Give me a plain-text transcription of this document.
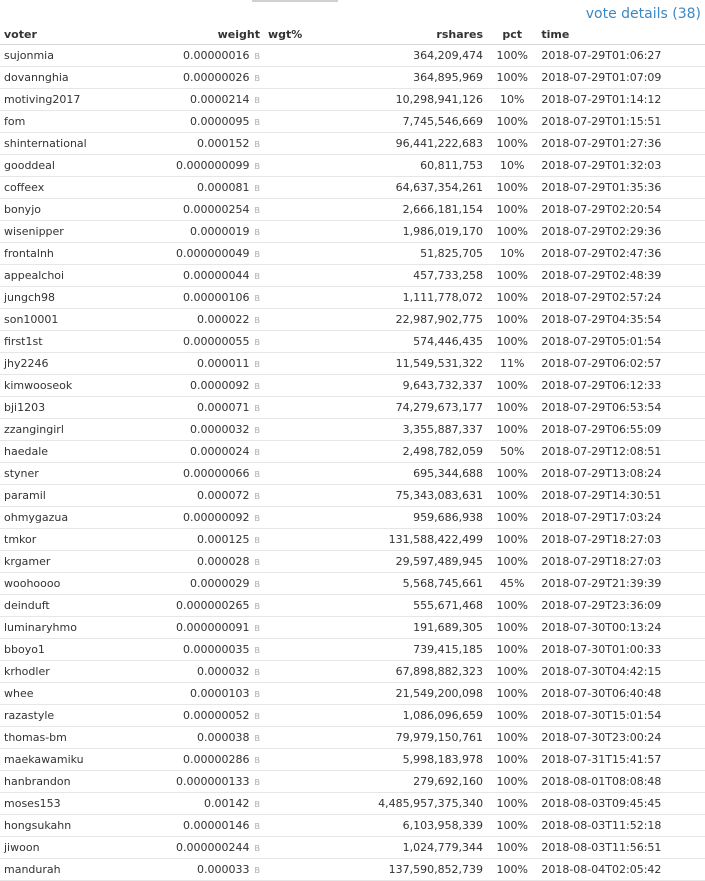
vote details (38)
voter	weight	wgt%	rshares	pct	time
sujonmia	0.00000016 B		364,209,474	100%	2018-07-29T01:06:27
dovannghia	0.00000026 B		364,895,969	100%	2018-07-29T01:07:09
motiving2017	0.0000214 B		10,298,941,126	10%	2018-07-29T01:14:12
fom	0.0000095 B		7,745,546,669	100%	2018-07-29T01:15:51
shinternational	0.000152 B		96,441,222,683	100%	2018-07-29T01:27:36
gooddeal	0.000000099 B		60,811,753	10%	2018-07-29T01:32:03
coffeex	0.000081 B		64,637,354,261	100%	2018-07-29T01:35:36
bonyjo	0.00000254 B		2,666,181,154	100%	2018-07-29T02:20:54
wisenipper	0.0000019 B		1,986,019,170	100%	2018-07-29T02:29:36
frontalnh	0.000000049 B		51,825,705	10%	2018-07-29T02:47:36
appealchoi	0.00000044 B		457,733,258	100%	2018-07-29T02:48:39
jungch98	0.00000106 B		1,111,778,072	100%	2018-07-29T02:57:24
son10001	0.000022 B		22,987,902,775	100%	2018-07-29T04:35:54
first1st	0.00000055 B		574,446,435	100%	2018-07-29T05:01:54
jhy2246	0.000011 B		11,549,531,322	11%	2018-07-29T06:02:57
kimwooseok	0.0000092 B		9,643,732,337	100%	2018-07-29T06:12:33
bji1203	0.000071 B		74,279,673,177	100%	2018-07-29T06:53:54
zzangingirl	0.0000032 B		3,355,887,337	100%	2018-07-29T06:55:09
haedale	0.0000024 B		2,498,782,059	50%	2018-07-29T12:08:51
styner	0.00000066 B		695,344,688	100%	2018-07-29T13:08:24
paramil	0.000072 B		75,343,083,631	100%	2018-07-29T14:30:51
ohmygazua	0.00000092 B		959,686,938	100%	2018-07-29T17:03:24
tmkor	0.000125 B		131,588,422,499	100%	2018-07-29T18:27:03
krgamer	0.000028 B		29,597,489,945	100%	2018-07-29T18:27:03
woohoooo	0.0000029 B		5,568,745,661	45%	2018-07-29T21:39:39
deinduft	0.000000265 B		555,671,468	100%	2018-07-29T23:36:09
luminaryhmo	0.000000091 B		191,689,305	100%	2018-07-30T00:13:24
bboyo1	0.00000035 B		739,415,185	100%	2018-07-30T01:00:33
krhodler	0.000032 B		67,898,882,323	100%	2018-07-30T04:42:15
whee	0.0000103 B		21,549,200,098	100%	2018-07-30T06:40:48
razastyle	0.00000052 B		1,086,096,659	100%	2018-07-30T15:01:54
thomas-bm	0.000038 B		79,979,150,761	100%	2018-07-30T23:00:24
maekawamiku	0.00000286 B		5,998,183,978	100%	2018-07-31T15:41:57
hanbrandon	0.000000133 B		279,692,160	100%	2018-08-01T08:08:48
moses153	0.00142 B		4,485,957,375,340	100%	2018-08-03T09:45:45
hongsukahn	0.00000146 B		6,103,958,339	100%	2018-08-03T11:52:18
jiwoon	0.000000244 B		1,024,779,344	100%	2018-08-03T11:56:51
mandurah	0.000033 B		137,590,852,739	100%	2018-08-04T02:05:42
